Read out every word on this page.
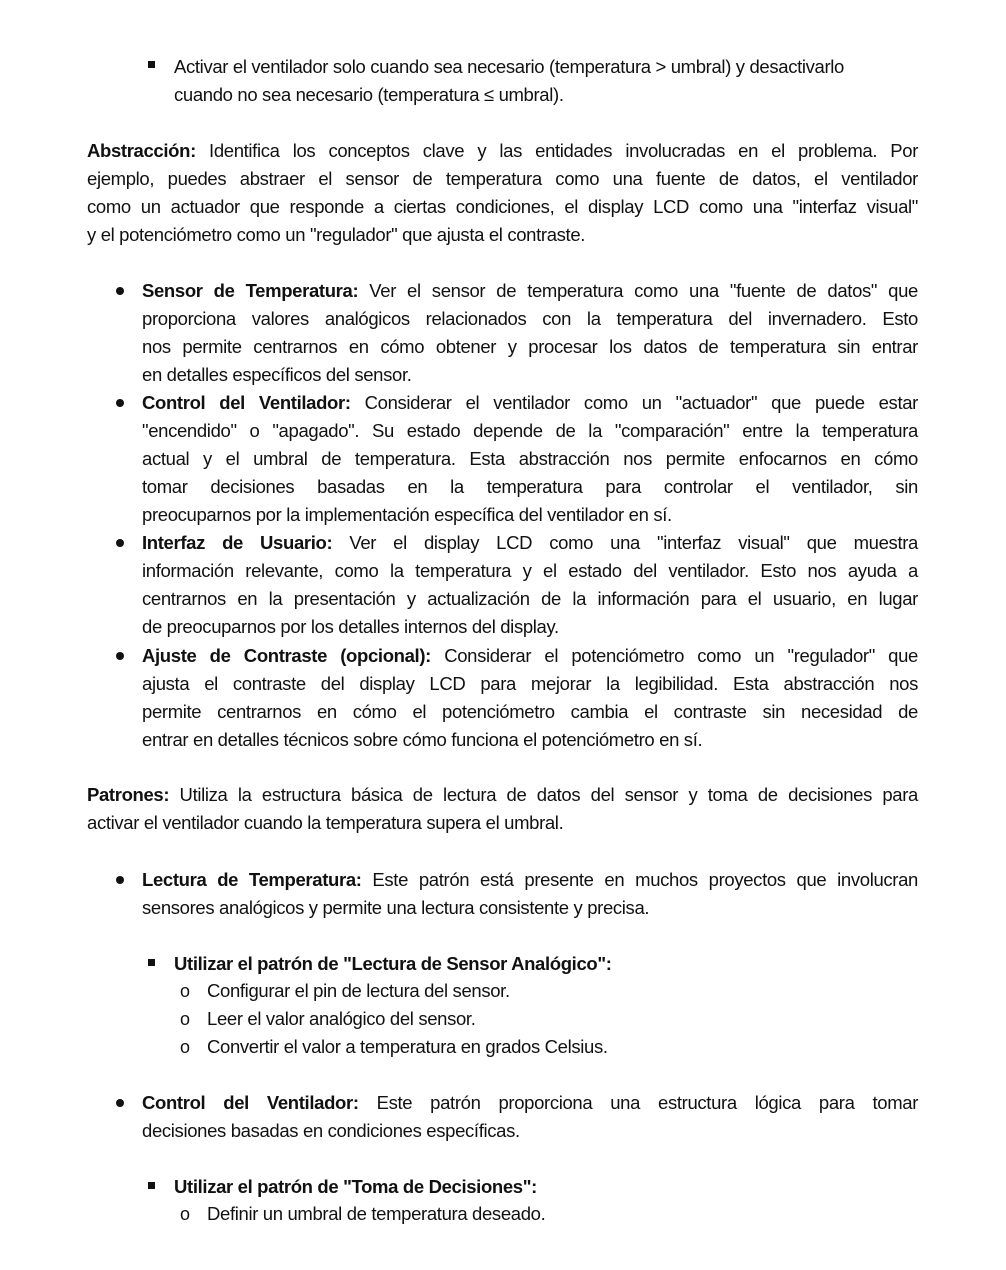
Activar el ventilador solo cuando sea necesario (temperatura > umbral) y desactivarlo
cuando no sea necesario (temperatura ≤ umbral).
Abstracción: Identifica los conceptos clave y las entidades involucradas en el problema. Por
ejemplo, puedes abstraer el sensor de temperatura como una fuente de datos, el ventilador
como un actuador que responde a ciertas condiciones, el display LCD como una "interfaz visual"
y el potenciómetro como un "regulador" que ajusta el contraste.
Sensor de Temperatura: Ver el sensor de temperatura como una "fuente de datos" que
proporciona valores analógicos relacionados con la temperatura del invernadero. Esto
nos permite centrarnos en cómo obtener y procesar los datos de temperatura sin entrar
en detalles específicos del sensor.
Control del Ventilador: Considerar el ventilador como un "actuador" que puede estar
"encendido" o "apagado". Su estado depende de la "comparación" entre la temperatura
actual y el umbral de temperatura. Esta abstracción nos permite enfocarnos en cómo
tomar decisiones basadas en la temperatura para controlar el ventilador, sin
preocuparnos por la implementación específica del ventilador en sí.
Interfaz de Usuario: Ver el display LCD como una "interfaz visual" que muestra
información relevante, como la temperatura y el estado del ventilador. Esto nos ayuda a
centrarnos en la presentación y actualización de la información para el usuario, en lugar
de preocuparnos por los detalles internos del display.
Ajuste de Contraste (opcional): Considerar el potenciómetro como un "regulador" que
ajusta el contraste del display LCD para mejorar la legibilidad. Esta abstracción nos
permite centrarnos en cómo el potenciómetro cambia el contraste sin necesidad de
entrar en detalles técnicos sobre cómo funciona el potenciómetro en sí.
Patrones: Utiliza la estructura básica de lectura de datos del sensor y toma de decisiones para
activar el ventilador cuando la temperatura supera el umbral.
Lectura de Temperatura: Este patrón está presente en muchos proyectos que involucran
sensores analógicos y permite una lectura consistente y precisa.
Utilizar el patrón de "Lectura de Sensor Analógico":
o Configurar el pin de lectura del sensor.
o Leer el valor analógico del sensor.
o Convertir el valor a temperatura en grados Celsius.
Control del Ventilador: Este patrón proporciona una estructura lógica para tomar
decisiones basadas en condiciones específicas.
Utilizar el patrón de "Toma de Decisiones":
o Definir un umbral de temperatura deseado.
